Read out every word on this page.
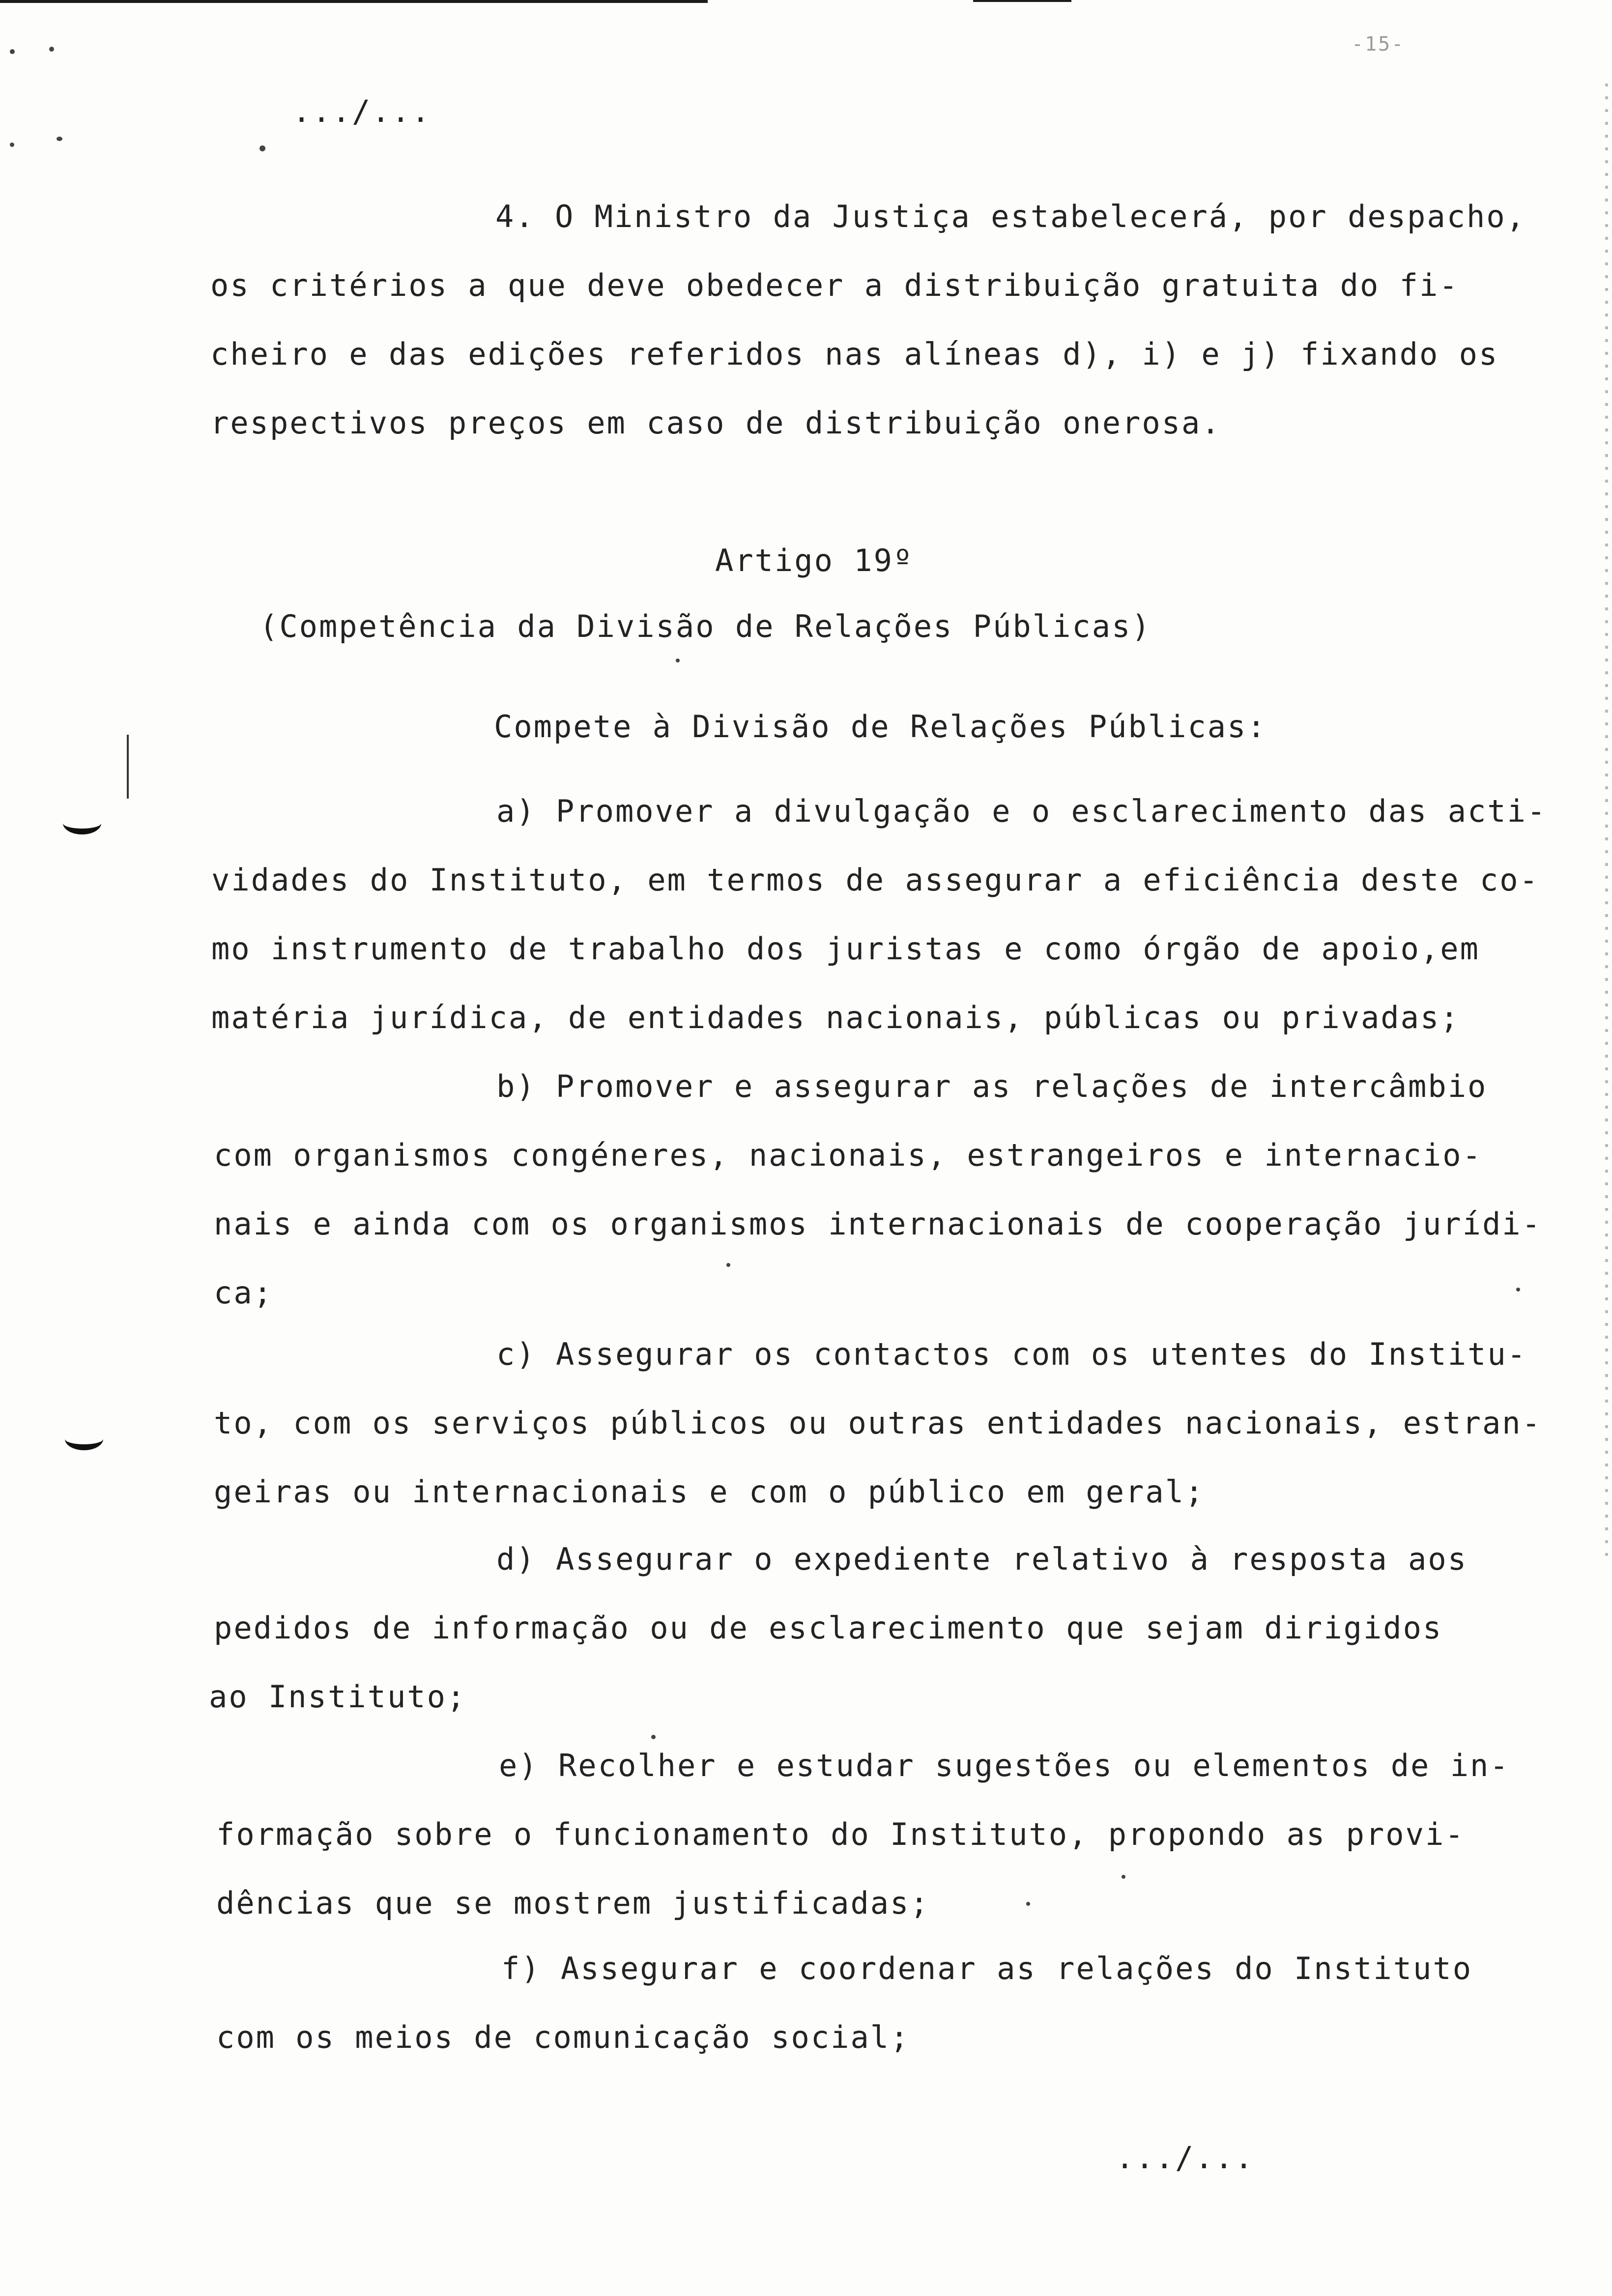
-15-
.../...
4. O Ministro da Justiça estabelecerá, por despacho,
os critérios a que deve obedecer a distribuição gratuita do fi-
cheiro e das edições referidos nas alíneas d), i) e j) fixando os
respectivos preços em caso de distribuição onerosa.
Artigo 19º
(Competência da Divisão de Relações Públicas)
Compete à Divisão de Relações Públicas:
a) Promover a divulgação e o esclarecimento das acti-
vidades do Instituto, em termos de assegurar a eficiência deste co-
mo instrumento de trabalho dos juristas e como órgão de apoio,em
matéria jurídica, de entidades nacionais, públicas ou privadas;
b) Promover e assegurar as relações de intercâmbio
com organismos congéneres, nacionais, estrangeiros e internacio-
nais e ainda com os organismos internacionais de cooperação jurídi-
ca;
c) Assegurar os contactos com os utentes do Institu-
to, com os serviços públicos ou outras entidades nacionais, estran-
geiras ou internacionais e com o público em geral;
d) Assegurar o expediente relativo à resposta aos
pedidos de informação ou de esclarecimento que sejam dirigidos
ao Instituto;
e) Recolher e estudar sugestões ou elementos de in-
formação sobre o funcionamento do Instituto, propondo as provi-
dências que se mostrem justificadas;
f) Assegurar e coordenar as relações do Instituto
com os meios de comunicação social;
.../...
